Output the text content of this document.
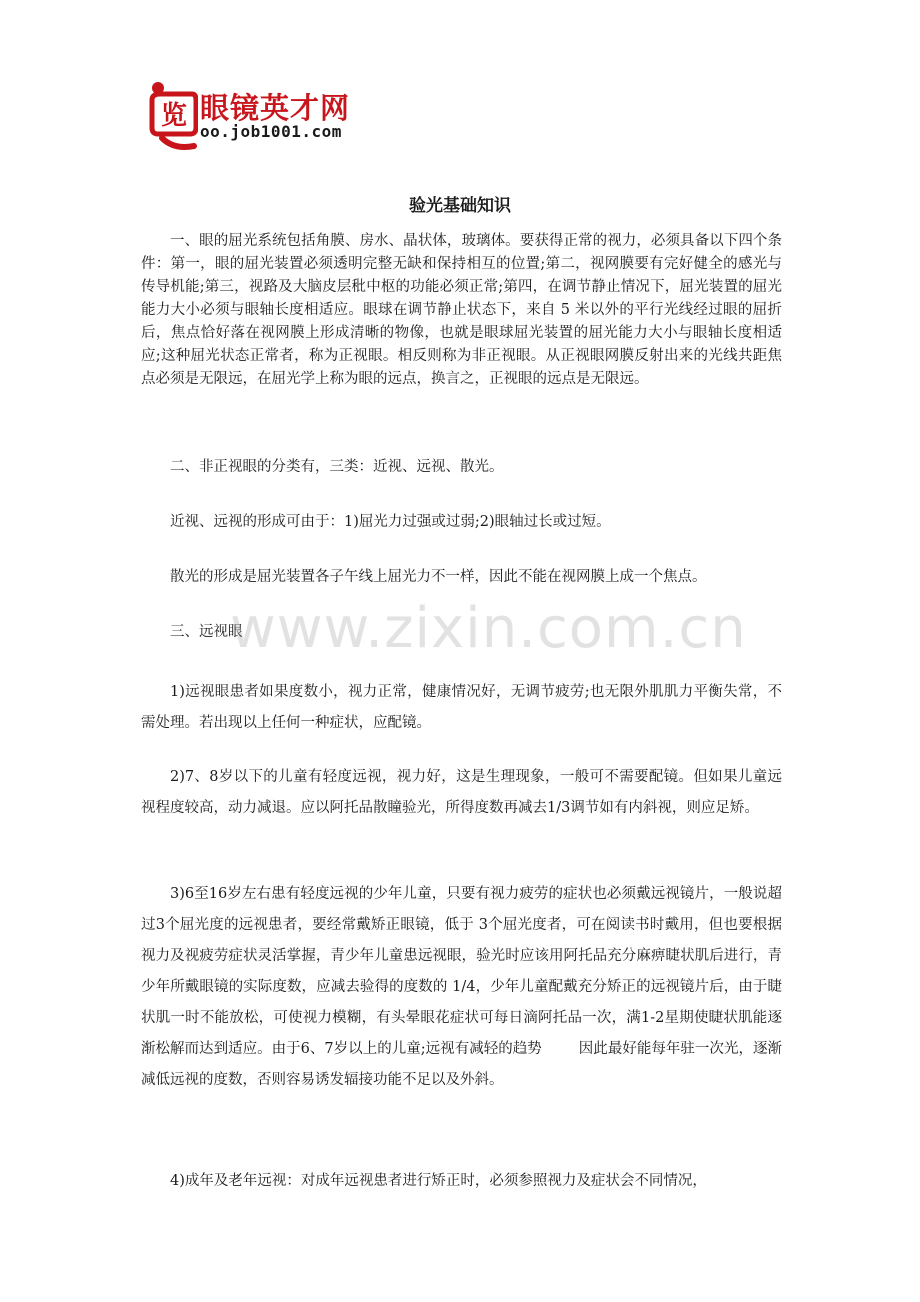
览 眼镜英才网
oo.job1001.com
验光基础知识

一、眼的屈光系统包括角膜、房水、晶状体，玻璃体。要获得正常的视力，必须具备以下四个条件：第一，眼的屈光装置必须透明完整无缺和保持相互的位置;第二，视网膜要有完好健全的感光与传导机能;第三，视路及大脑皮层秕中枢的功能必须正常;第四，在调节静止情况下，屈光装置的屈光能力大小必须与眼轴长度相适应。眼球在调节静止状态下，来自 5 米以外的平行光线经过眼的屈折后，焦点恰好落在视网膜上形成清晰的物像，也就是眼球屈光装置的屈光能力大小与眼轴长度相适应;这种屈光状态正常者，称为正视眼。相反则称为非正视眼。从正视眼网膜反射出来的光线共距焦点必须是无限远，在屈光学上称为眼的远点，换言之，正视眼的远点是无限远。

二、非正视眼的分类有，三类：近视、远视、散光。

近视、远视的形成可由于：1)屈光力过强或过弱;2)眼轴过长或过短。

散光的形成是屈光装置各子午线上屈光力不一样，因此不能在视网膜上成一个焦点。

三、远视眼

1)远视眼患者如果度数小，视力正常，健康情况好，无调节疲劳;也无限外肌肌力平衡失常，不需处理。若出现以上任何一种症状，应配镜。

2)7、8岁以下的儿童有轻度远视，视力好，这是生理现象，一般可不需要配镜。但如果儿童远视程度较高，动力减退。应以阿托品散瞳验光，所得度数再减去1/3调节如有内斜视，则应足矫。

3)6至16岁左右患有轻度远视的少年儿童，只要有视力疲劳的症状也必须戴远视镜片，一般说超过3个屈光度的远视患者，要经常戴矫正眼镜，低于 3个屈光度者，可在阅读书时戴用，但也要根据视力及视疲劳症状灵活掌握，青少年儿童患远视眼，验光时应该用阿托品充分麻痹睫状肌后进行，青少年所戴眼镜的实际度数，应减去验得的度数的 1/4，少年儿童配戴充分矫正的远视镜片后，由于睫状肌一时不能放松，可使视力模糊，有头晕眼花症状可每日滴阿托品一次，满1-2星期使睫状肌能逐渐松解而达到适应。由于6、7岁以上的儿童;远视有减轻的趋势        因此最好能每年驻一次光，逐渐减低远视的度数，否则容易诱发辐接功能不足以及外斜。

4)成年及老年远视：对成年远视患者进行矫正时，必须参照视力及症状会不同情况，

www.zixin.com.cn
